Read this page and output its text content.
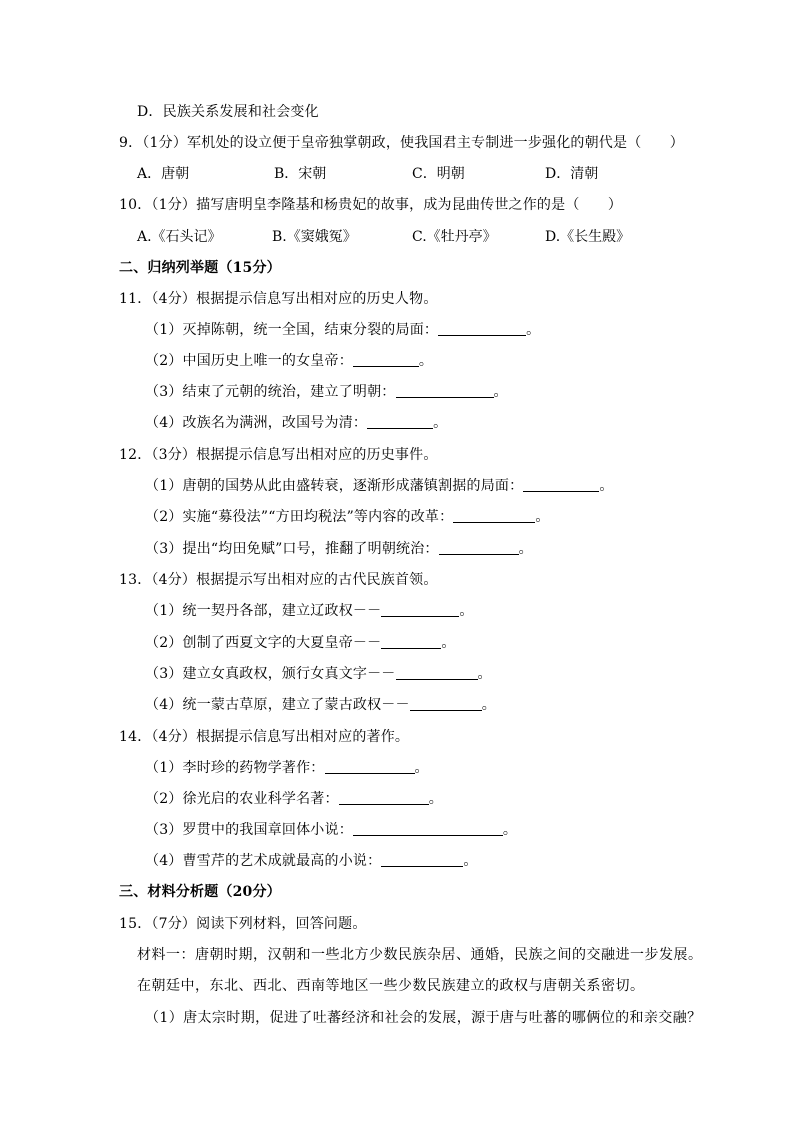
D．民族关系发展和社会变化
9．（1分）军机处的设立便于皇帝独掌朝政，使我国君主专制进一步强化的朝代是（　　）
A．唐朝	B．宋朝	C．明朝	D．清朝
10．（1分）描写唐明皇李隆基和杨贵妃的故事，成为昆曲传世之作的是（　　）
A.《石头记》	B.《窦娥冤》	C.《牡丹亭》	D.《长生殿》
二、归纳列举题（15分）
11．（4分）根据提示信息写出相对应的历史人物。
（1）灭掉陈朝，统一全国，结束分裂的局面：	。
（2）中国历史上唯一的女皇帝：	。
（3）结束了元朝的统治，建立了明朝：	。
（4）改族名为满洲，改国号为清：	。
12．（3分）根据提示信息写出相对应的历史事件。
（1）唐朝的国势从此由盛转衰，逐渐形成藩镇割据的局面：	。
（2）实施“募役法”“方田均税法”等内容的改革：	。
（3）提出“均田免赋”口号，推翻了明朝统治：	。
13．（4分）根据提示写出相对应的古代民族首领。
（1）统一契丹各部，建立辽政权－－	。
（2）创制了西夏文字的大夏皇帝－－	。
（3）建立女真政权，颁行女真文字－－	。
（4）统一蒙古草原，建立了蒙古政权－－	。
14．（4分）根据提示信息写出相对应的著作。
（1）李时珍的药物学著作：	。
（2）徐光启的农业科学名著：	。
（3）罗贯中的我国章回体小说：	。
（4）曹雪芹的艺术成就最高的小说：	。
三、材料分析题（20分）
15．（7分）阅读下列材料，回答问题。
材料一：唐朝时期，汉朝和一些北方少数民族杂居、通婚，民族之间的交融进一步发展。
在朝廷中，东北、西北、西南等地区一些少数民族建立的政权与唐朝关系密切。
（1）唐太宗时期，促进了吐蕃经济和社会的发展，源于唐与吐蕃的哪俩位的和亲交融？
